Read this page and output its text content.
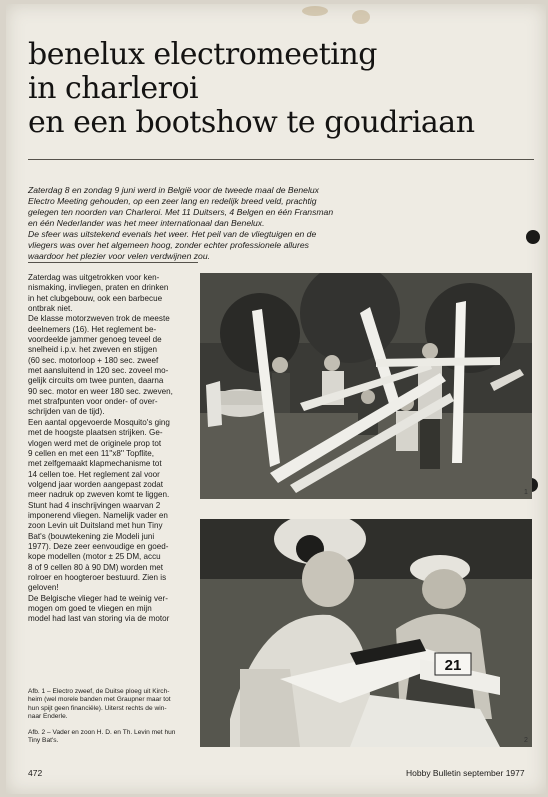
benelux electromeeting
in charleroi
en een bootshow te goudriaan

Zaterdag 8 en zondag 9 juni werd in België voor de tweede maal de Benelux
Electro Meeting gehouden, op een zeer lang en redelijk breed veld, prachtig
gelegen ten noorden van Charleroi. Met 11 Duitsers, 4 Belgen en één Fransman
en één Nederlander was het meer internationaal dan Benelux.
De sfeer was uitstekend evenals het weer. Het peil van de vliegtuigen en de
vliegers was over het algemeen hoog, zonder echter professionele allures
waardoor het plezier voor velen verdwijnen zou.

Zaterdag was uitgetrokken voor ken-
nismaking, invliegen, praten en drinken
in het clubgebouw, ook een barbecue
ontbrak niet.
De klasse motorzweven trok de meeste
deelnemers (16). Het reglement be-
voordeelde jammer genoeg teveel de
snelheid i.p.v. het zweven en stijgen
(60 sec. motorloop + 180 sec. zweef
met aansluitend in 120 sec. zoveel mo-
gelijk circuits om twee punten, daarna
90 sec. motor en weer 180 sec. zweven,
met strafpunten voor onder- of over-
schrijden van de tijd).
Een aantal opgevoerde Mosquito's ging
met de hoogste plaatsen strijken. Ge-
vlogen werd met de originele prop tot
9 cellen en met een 11''x8'' Topflite,
met zelfgemaakt klapmechanisme tot
14 cellen toe. Het reglement zal voor
volgend jaar worden aangepast zodat
meer nadruk op zweven komt te liggen.
Stunt had 4 inschrijvingen waarvan 2
imponerend vliegen. Namelijk vader en
zoon Levin uit Duitsland met hun Tiny
Bat's (bouwtekening zie Modeli juni
1977). Deze zeer eenvoudige en goed-
kope modellen (motor ± 25 DM, accu
8 of 9 cellen 80 à 90 DM) worden met
rolroer en hoogteroer bestuurd. Zien is
geloven!
De Belgische vlieger had te weinig ver-
mogen om goed te vliegen en mijn
model had last van storing via de motor

1
21
2

Afb. 1 – Electro zweef, de Duitse ploeg uit Kirch-
heim (wel morele banden met Graupner maar tot
hun spijt geen financiële). Uiterst rechts de win-
naar Enderle.

Afb. 2 – Vader en zoon H. D. en Th. Levin met hun
Tiny Bat's.

472	Hobby Bulletin september 1977
